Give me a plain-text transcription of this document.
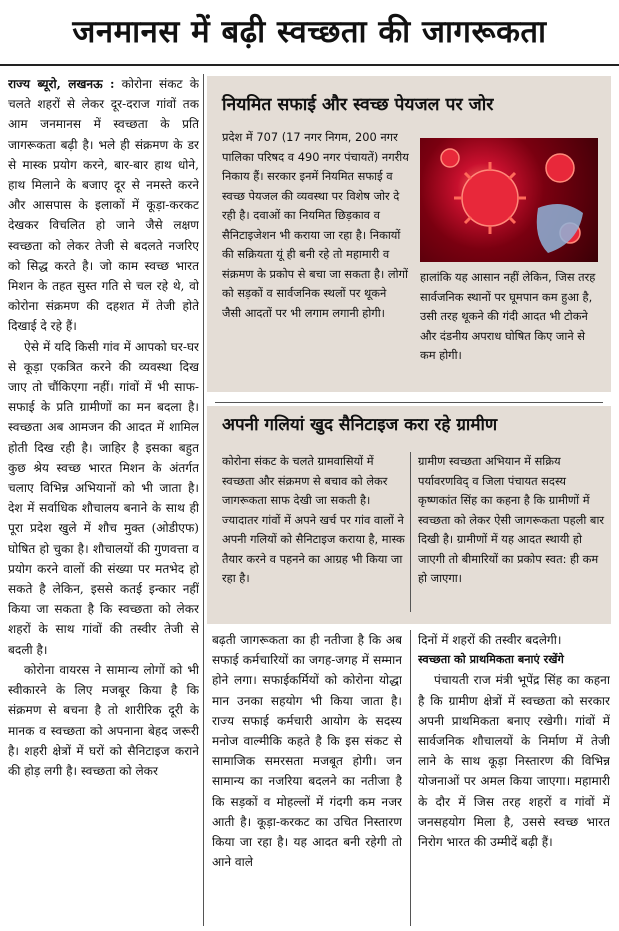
जनमानस में बढ़ी स्वच्छता की जागरूकता

राज्य ब्यूरो, लखनऊ : कोरोना संकट के चलते शहरों से लेकर दूर-दराज गांवों तक आम जनमानस में स्वच्छता के प्रति जागरूकता बढ़ी है। भले ही संक्रमण के डर से मास्क प्रयोग करने, बार-बार हाथ धोने, हाथ मिलाने के बजाए दूर से नमस्ते करने और आसपास के इलाकों में कूड़ा-करकट देखकर विचलित हो जाने जैसे लक्षण स्वच्छता को लेकर तेजी से बदलते नजरिए को सिद्ध करते है। जो काम स्वच्छ भारत मिशन के तहत सुस्त गति से चल रहे थे, वो कोरोना संक्रमण की दहशत में तेजी होते दिखाई दे रहे हैं।

ऐसे में यदि किसी गांव में आपको घर-घर से कूड़ा एकत्रित करने की व्यवस्था दिख जाए तो चौंकिएगा नहीं। गांवों में भी साफ-सफाई के प्रति ग्रामीणों का मन बदला है। स्वच्छता अब आमजन की आदत में शामिल होती दिख रही है। जाहिर है इसका बहुत कुछ श्रेय स्वच्छ भारत मिशन के अंतर्गत चलाए विभिन्न अभियानों को भी जाता है। देश में सर्वाधिक शौचालय बनाने के साथ ही पूरा प्रदेश खुले में शौच मुक्त (ओडीएफ) घोषित हो चुका है। शौचालयों की गुणवत्ता व प्रयोग करने वालों की संख्या पर मतभेद हो सकते है लेकिन, इससे कतई इन्कार नहीं किया जा सकता है कि स्वच्छता को लेकर शहरों के साथ गांवों की तस्वीर तेजी से बदली है।

कोरोना वायरस ने सामान्य लोगों को भी स्वीकारने के लिए मजबूर किया है कि संक्रमण से बचना है तो शारीरिक दूरी के मानक व स्वच्छता को अपनाना बेहद जरूरी है। शहरी क्षेत्रों में घरों को सैनिटाइज कराने की होड़ लगी है। स्वच्छता को लेकर

नियमित सफाई और स्वच्छ पेयजल पर जोर

प्रदेश में 707 (17 नगर निगम, 200 नगर पालिका परिषद व 490 नगर पंचायतें) नगरीय निकाय हैं। सरकार इनमें नियमित सफाई व स्वच्छ पेयजल की व्यवस्था पर विशेष जोर दे रही है। दवाओं का नियमित छिड़काव व सैनिटाइजेशन भी कराया जा रहा है। निकायों की सक्रियता यूं ही बनी रहे तो महामारी व संक्रमण के प्रकोप से बचा जा सकता है। लोगों को सड़कों व सार्वजनिक स्थलों पर थूकने जैसी आदतों पर भी लगाम लगानी होगी।

हालांकि यह आसान नहीं लेकिन, जिस तरह सार्वजनिक स्थानों पर घूमपान कम हुआ है, उसी तरह थूकने की गंदी आदत भी टोकने और दंडनीय अपराध घोषित किए जाने से कम होगी।

अपनी गलियां खुद सैनिटाइज करा रहे ग्रामीण

कोरोना संकट के चलते ग्रामवासियों में स्वच्छता और संक्रमण से बचाव को लेकर जागरूकता साफ देखी जा सकती है। ज्यादातर गांवों में अपने खर्च पर गांव वालों ने अपनी गलियों को सैनिटाइज कराया है, मास्क तैयार करने व पहनने का आग्रह भी किया जा रहा है।

ग्रामीण स्वच्छता अभियान में सक्रिय पर्यावरणविद् व जिला पंचायत सदस्य कृष्णकांत सिंह का कहना है कि ग्रामीणों में स्वच्छता को लेकर ऐसी जागरूकता पहली बार दिखी है। ग्रामीणों में यह आदत स्थायी हो जाएगी तो बीमारियों का प्रकोप स्वत: ही कम हो जाएगा।

बढ़ती जागरूकता का ही नतीजा है कि अब सफाई कर्मचारियों का जगह-जगह में सम्मान होने लगा। सफाईकर्मियों को कोरोना योद्धा मान उनका सहयोग भी किया जाता है। राज्य सफाई कर्मचारी आयोग के सदस्य मनोज वाल्मीकि कहते है कि इस संकट से सामाजिक समरसता मजबूत होगी। जन सामान्य का नजरिया बदलने का नतीजा है कि सड़कों व मोहल्लों में गंदगी कम नजर आती है। कूड़ा-करकट का उचित निस्तारण किया जा रहा है। यह आदत बनी रहेगी तो आने वाले

दिनों में शहरों की तस्वीर बदलेगी।

स्वच्छता को प्राथमिकता बनाएं रखेंगे

पंचायती राज मंत्री भूपेंद्र सिंह का कहना है कि ग्रामीण क्षेत्रों में स्वच्छता को सरकार अपनी प्राथमिकता बनाए रखेगी। गांवों में सार्वजनिक शौचालयों के निर्माण में तेजी लाने के साथ कूड़ा निस्तारण की विभिन्न योजनाओं पर अमल किया जाएगा। महामारी के दौर में जिस तरह शहरों व गांवों में जनसहयोग मिला है, उससे स्वच्छ भारत निरोग भारत की उम्मीदें बढ़ी हैं।
